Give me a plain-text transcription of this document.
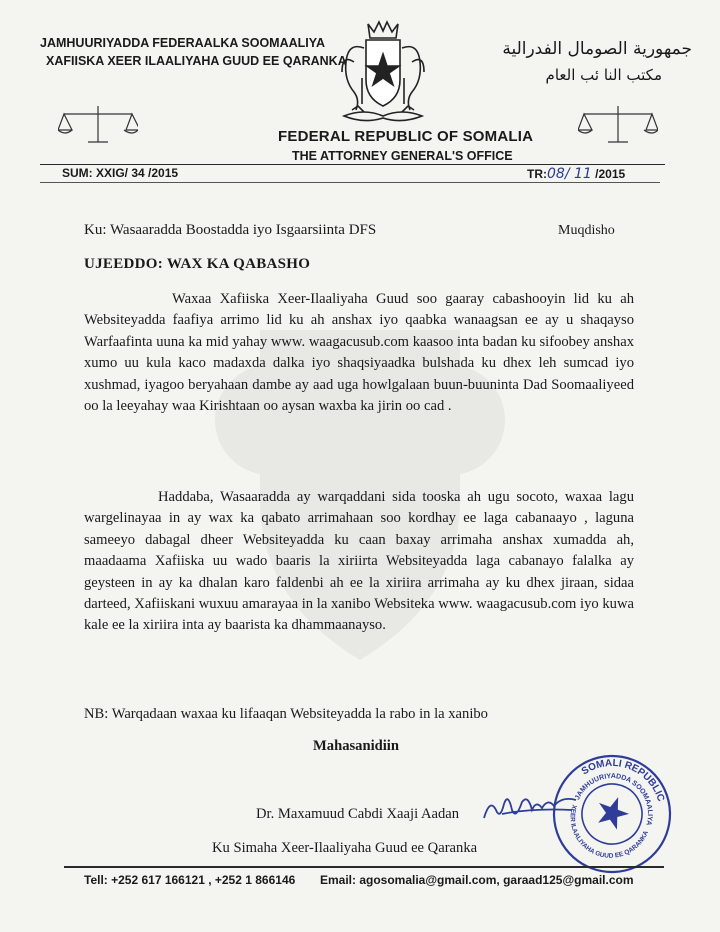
JAMHUURIYADDA FEDERAALKA SOOMAALIYA
XAFIISKA XEER ILAALIYAHA GUUD EE QARANKA
جمهورية الصومال الفدرالية
مكتب النا ئب العام
FEDERAL REPUBLIC OF SOMALIA
THE ATTORNEY GENERAL'S OFFICE
SUM: XXIG/ 34 /2015	TR:08/ 11 /2015
Ku: Wasaaradda Boostadda iyo Isgaarsiinta DFS	Muqdisho
UJEEDDO: WAX KA QABASHO
Waxaa Xafiiska Xeer-Ilaaliyaha Guud soo gaaray cabashooyin lid ku ah Websiteyadda faafiya arrimo lid ku ah anshax iyo qaabka wanaagsan ee ay u shaqayso Warfaafinta uuna ka mid yahay www. waagacusub.com kaasoo inta badan ku sifoobey anshax xumo uu kula kaco madaxda dalka iyo shaqsiyaadka bulshada ku dhex leh sumcad iyo xushmad, iyagoo beryahaan dambe ay aad uga howlgalaan buun-buuninta Dad Soomaaliyeed oo la leeyahay waa Kirishtaan oo aysan waxba ka jirin oo cad .
Haddaba, Wasaaradda ay warqaddani sida tooska ah ugu socoto, waxaa lagu wargelinayaa in ay wax ka qabato arrimahaan soo kordhay ee laga cabanaayo , laguna sameeyo dabagal dheer Websiteyadda ku caan baxay arrimaha anshax xumadda ah, maadaama Xafiiska uu wado baaris la xiriirta Websiteyadda laga cabanayo falalka ay geysteen in ay ka dhalan karo faldenbi ah ee la xiriira arrimaha ay ku dhex jiraan, sidaa darteed, Xafiiskani wuxuu amarayaa in la xanibo Websiteka www. waagacusub.com iyo kuwa kale ee la xiriira inta ay baarista ka dhammaanayso.
NB: Warqadaan waxaa ku lifaaqan Websiteyadda la rabo in la xanibo
Mahasanidiin
Dr. Maxamuud Cabdi Xaaji Aadan
Ku Simaha Xeer-Ilaaliyaha Guud ee Qaranka
SOMALI REPUBLIC
JAMHUURIYADDA SOOMAALIYA
XEER ILAALIYAHA GUUD EE QARANKA
Tell: +252 617 166121 , +252 1 866146 Email: agosomalia@gmail.com, garaad125@gmail.com
